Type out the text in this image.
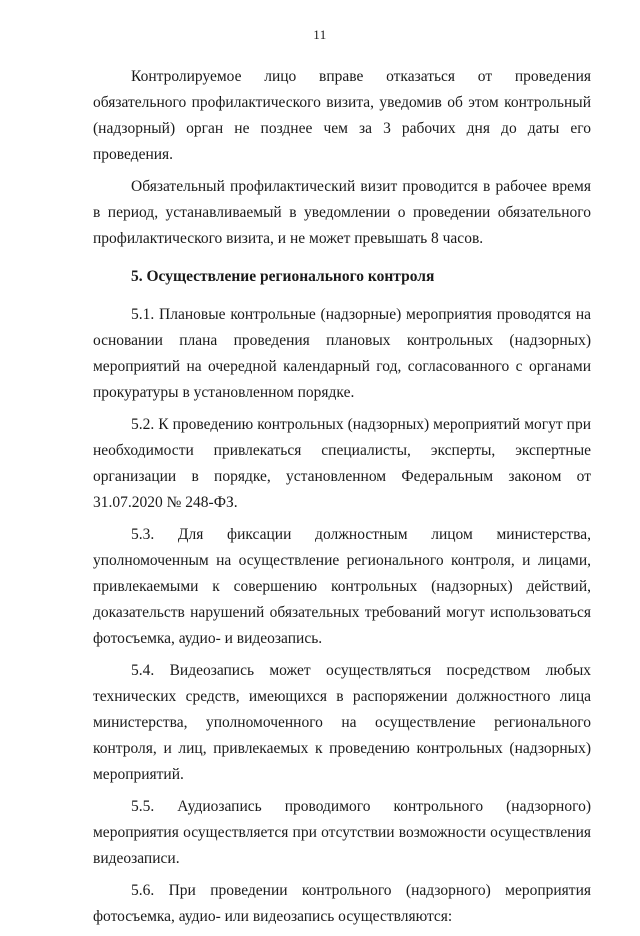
11

Контролируемое лицо вправе отказаться от проведения обязательного профилактического визита, уведомив об этом контрольный (надзорный) орган не позднее чем за 3 рабочих дня до даты его проведения.

Обязательный профилактический визит проводится в рабочее время в период, устанавливаемый в уведомлении о проведении обязательного профилактического визита, и не может превышать 8 часов.

5. Осуществление регионального контроля

5.1. Плановые контрольные (надзорные) мероприятия проводятся на основании плана проведения плановых контрольных (надзорных) мероприятий на очередной календарный год, согласованного с органами прокуратуры в установленном порядке.

5.2. К проведению контрольных (надзорных) мероприятий могут при необходимости привлекаться специалисты, эксперты, экспертные организации в порядке, установленном Федеральным законом от 31.07.2020 № 248-ФЗ.

5.3. Для фиксации должностным лицом министерства, уполномоченным на осуществление регионального контроля, и лицами, привлекаемыми к совершению контрольных (надзорных) действий, доказательств нарушений обязательных требований могут использоваться фотосъемка, аудио- и видеозапись.

5.4. Видеозапись может осуществляться посредством любых технических средств, имеющихся в распоряжении должностного лица министерства, уполномоченного на осуществление регионального контроля, и лиц, привлекаемых к проведению контрольных (надзорных) мероприятий.

5.5. Аудиозапись проводимого контрольного (надзорного) мероприятия осуществляется при отсутствии возможности осуществления видеозаписи.

5.6. При проведении контрольного (надзорного) мероприятия фотосъемка, аудио- или видеозапись осуществляются:
